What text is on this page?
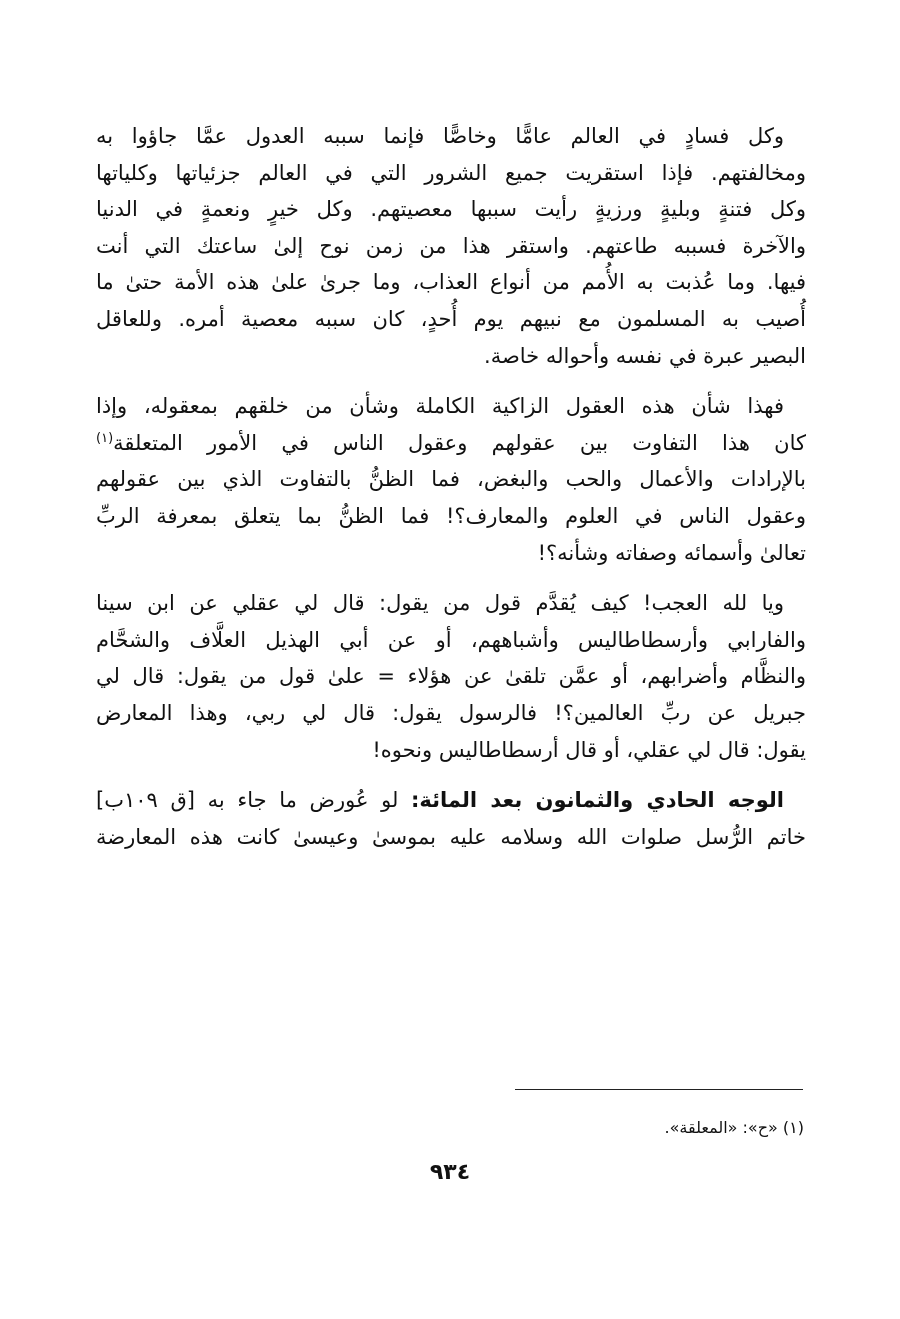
وكل فسادٍ في العالم عامًّا وخاصًّا فإنما سببه العدول عمَّا جاؤوا به
ومخالفتهم. فإذا استقريت جميع الشرور التي في العالم جزئياتها وكلياتها
وكل فتنةٍ وبليةٍ ورزيةٍ رأيت سببها معصيتهم. وكل خيرٍ ونعمةٍ في الدنيا
والآخرة فسببه طاعتهم. واستقر هذا من زمن نوح إلىٰ ساعتك التي أنت
فيها. وما عُذبت به الأُمم من أنواع العذاب، وما جرىٰ علىٰ هذه الأمة حتىٰ ما
أُصيب به المسلمون مع نبيهم يوم أُحدٍ، كان سببه معصية أمره. وللعاقل
البصير عبرة في نفسه وأحواله خاصة.
فهذا شأن هذه العقول الزاكية الكاملة وشأن من خلقهم بمعقوله، وإذا
كان هذا التفاوت بين عقولهم وعقول الناس في الأمور المتعلقة$^{(١)}$
بالإرادات والأعمال والحب والبغض، فما الظنُّ بالتفاوت الذي بين عقولهم
وعقول الناس في العلوم والمعارف؟! فما الظنُّ بما يتعلق بمعرفة الربِّ
تعالىٰ وأسمائه وصفاته وشأنه؟!
ويا لله العجب! كيف يُقدَّم قول من يقول: قال لي عقلي عن ابن سينا
والفارابي وأرسطاطاليس وأشباههم، أو عن أبي الهذيل العلَّاف والشحَّام
والنظَّام وأضرابهم، أو عمَّن تلقىٰ عن هؤلاء = علىٰ قول من يقول: قال لي
جبريل عن ربِّ العالمين؟! فالرسول يقول: قال لي ربي، وهذا المعارض
يقول: قال لي عقلي، أو قال أرسطاطاليس ونحوه!
الوجه الحادي والثمانون بعد المائة: لو عُورض ما جاء به [ق ١٠٩ب]
خاتم الرُّسل صلوات الله وسلامه عليه بموسىٰ وعيسىٰ كانت هذه المعارضة
(١) «ح»: «المعلقة».
٩٣٤
